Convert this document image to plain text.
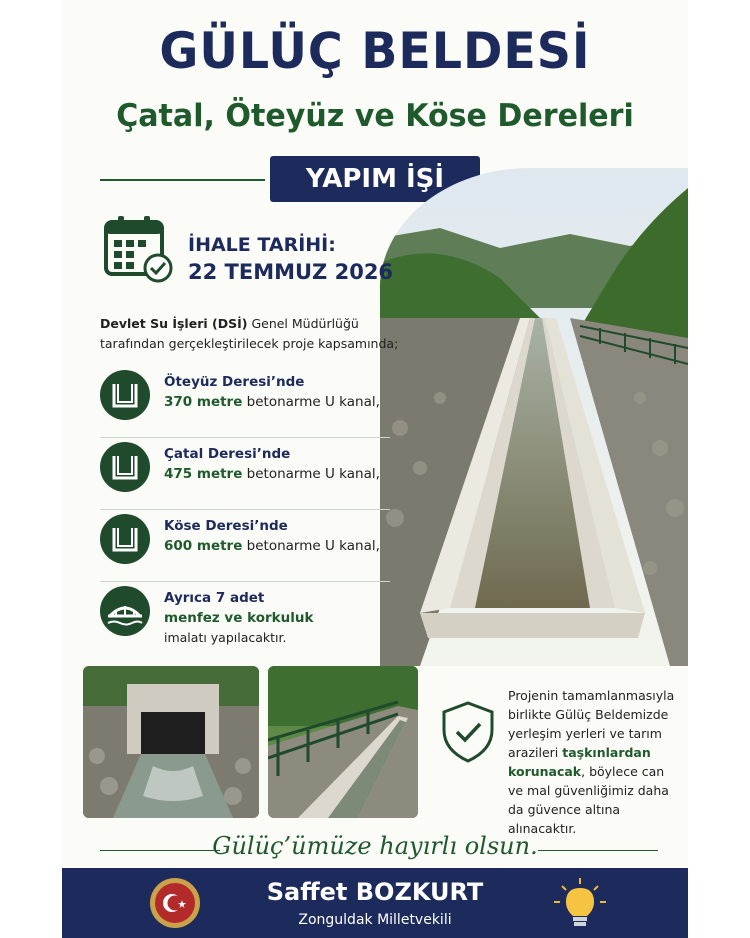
GÜLÜÇ BELDESİ
Çatal, Öteyüz ve Köse Dereleri
YAPIM İŞİ
İHALE TARİHİ:
22 TEMMUZ 2026
Devlet Su İşleri (DSİ) Genel Müdürlüğü
tarafından gerçekleştirilecek proje kapsamında;
Öteyüz Deresi’nde
370 metre betonarme U kanal,
Çatal Deresi’nde
475 metre betonarme U kanal,
Köse Deresi’nde
600 metre betonarme U kanal,
Ayrıca 7 adet
menfez ve korkuluk
imalatı yapılacaktır.
Projenin tamamlanmasıyla
birlikte Gülüç Beldemizde
yerleşim yerleri ve tarım
arazileri taşkınlardan
korunacak, böylece can
ve mal güvenliğimiz daha
da güvence altına alınacaktır.
Gülüç’ümüze hayırlı olsun.
Saffet BOZKURT
Zonguldak Milletvekili
